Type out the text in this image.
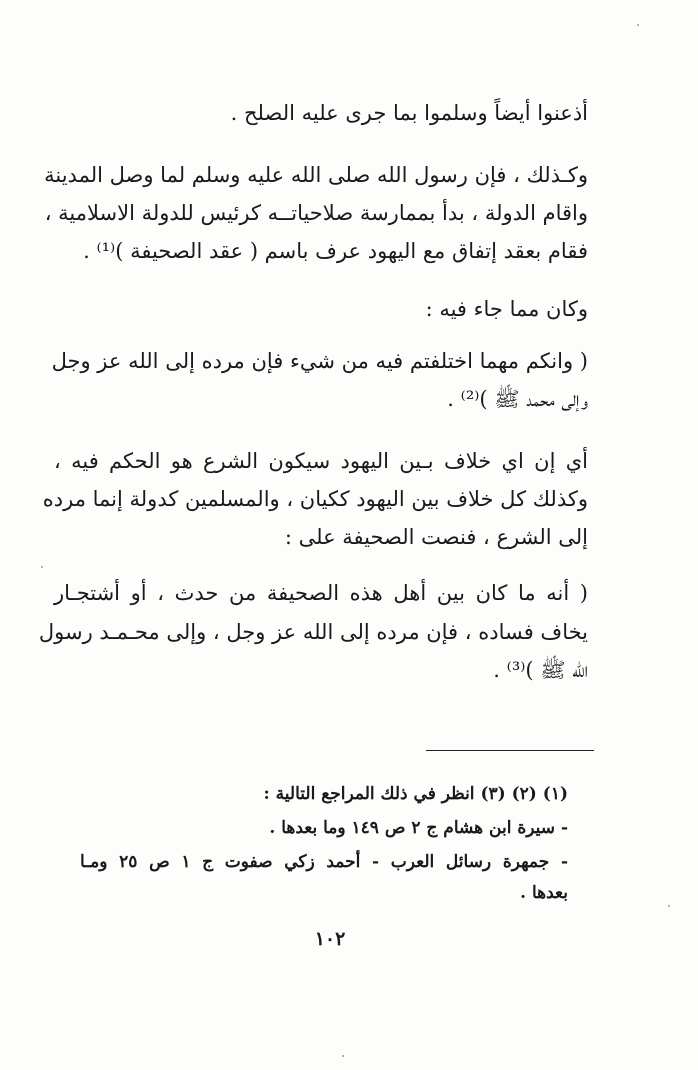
أذعنوا أيضاً وسلموا بما جرى عليه الصلح .
وكـذلك ، فإن رسول الله صلى الله عليه وسلم لما وصل المدينة
واقام الدولة ، بدأ بممارسة صلاحياتــه كرئيس للدولة الاسلامية ،
فقام بعقد إتفاق مع اليهود عرف باسم ( عقد الصحيفة )⁽¹⁾ .
وكان مما جاء فيه :
( وانكم مهما اختلفتم فيه من شيء فإن مرده إلى الله عز وجل
وإلى محمد ﷺ )⁽²⁾ .
أي إن اي خلاف بـين اليهود سيكون الشرع هو الحكم فيه ،
وكذلك كل خلاف بين اليهود ككيان ، والمسلمين كدولة إنما مرده
إلى الشرع ، فنصت الصحيفة على :
( أنه ما كان بين أهل هذه الصحيفة من حدث ، أو أشتجـار
يخاف فساده ، فإن مرده إلى الله عز وجل ، وإلى محـمـد رسول
الله ﷺ )⁽³⁾ .
(١) (٢) (٣) انظر في ذلك المراجع التالية :
- سيرة ابن هشام ج ٢ ص ١٤٩ وما بعدها .
- جمهرة رسائل العرب - أحمد زكي صفوت ج ١ ص ٢٥ ومـا
بعدها .
١٠٢
